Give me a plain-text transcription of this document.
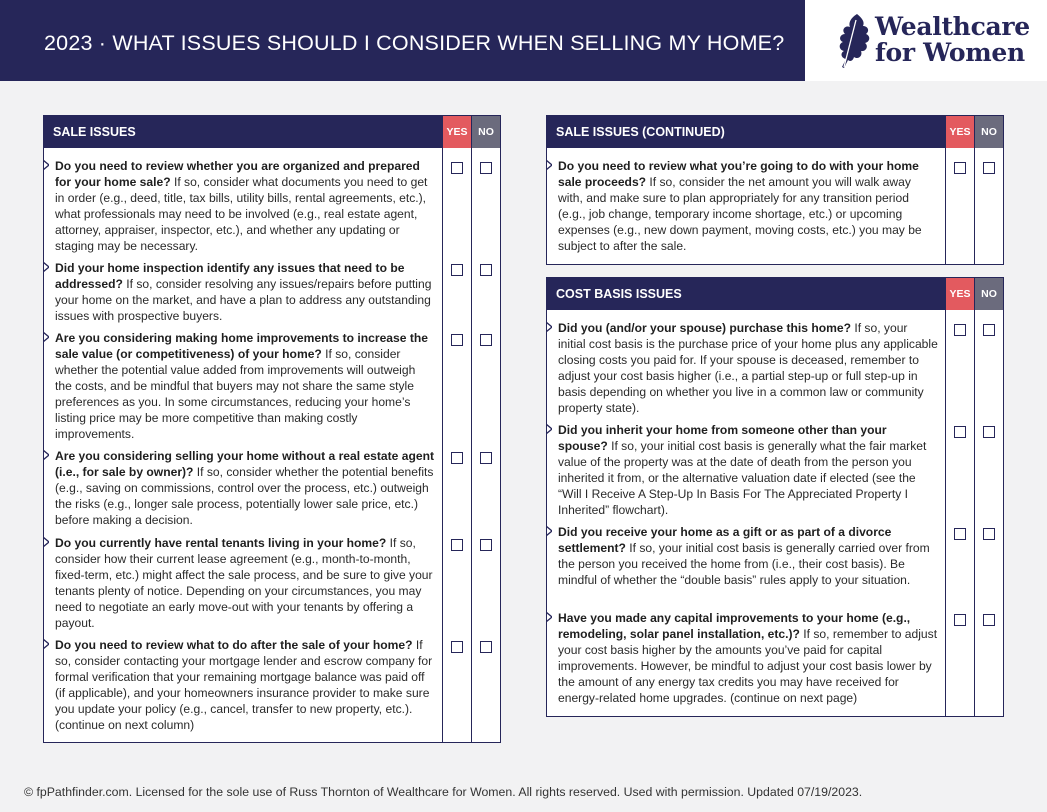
2023 · WHAT ISSUES SHOULD I CONSIDER WHEN SELLING MY HOME?
Wealthcare
for Women
SALE ISSUES	YES	NO
Do you need to review whether you are organized and prepared for your home sale? If so, consider what documents you need to get in order (e.g., deed, title, tax bills, utility bills, rental agreements, etc.), what professionals may need to be involved (e.g., real estate agent, attorney, appraiser, inspector, etc.), and whether any updating or staging may be necessary.
Did your home inspection identify any issues that need to be addressed? If so, consider resolving any issues/repairs before putting your home on the market, and have a plan to address any outstanding issues with prospective buyers.
Are you considering making home improvements to increase the sale value (or competitiveness) of your home? If so, consider whether the potential value added from improvements will outweigh the costs, and be mindful that buyers may not share the same style preferences as you. In some circumstances, reducing your home’s listing price may be more competitive than making costly improvements.
Are you considering selling your home without a real estate agent (i.e., for sale by owner)? If so, consider whether the potential benefits (e.g., saving on commissions, control over the process, etc.) outweigh the risks (e.g., longer sale process, potentially lower sale price, etc.) before making a decision.
Do you currently have rental tenants living in your home? If so, consider how their current lease agreement (e.g., month-to-month, fixed-term, etc.) might affect the sale process, and be sure to give your tenants plenty of notice. Depending on your circumstances, you may need to negotiate an early move-out with your tenants by offering a payout.
Do you need to review what to do after the sale of your home? If so, consider contacting your mortgage lender and escrow company for formal verification that your remaining mortgage balance was paid off (if applicable), and your homeowners insurance provider to make sure you update your policy (e.g., cancel, transfer to new property, etc.). (continue on next column)
SALE ISSUES (CONTINUED)	YES	NO
Do you need to review what you’re going to do with your home sale proceeds? If so, consider the net amount you will walk away with, and make sure to plan appropriately for any transition period (e.g., job change, temporary income shortage, etc.) or upcoming expenses (e.g., new down payment, moving costs, etc.) you may be subject to after the sale.
COST BASIS ISSUES	YES	NO
Did you (and/or your spouse) purchase this home? If so, your initial cost basis is the purchase price of your home plus any applicable closing costs you paid for. If your spouse is deceased, remember to adjust your cost basis higher (i.e., a partial step-up or full step-up in basis depending on whether you live in a common law or community property state).
Did you inherit your home from someone other than your spouse? If so, your initial cost basis is generally what the fair market value of the property was at the date of death from the person you inherited it from, or the alternative valuation date if elected (see the “Will I Receive A Step-Up In Basis For The Appreciated Property I Inherited” flowchart).
Did you receive your home as a gift or as part of a divorce settlement? If so, your initial cost basis is generally carried over from the person you received the home from (i.e., their cost basis). Be mindful of whether the “double basis” rules apply to your situation.
Have you made any capital improvements to your home (e.g., remodeling, solar panel installation, etc.)? If so, remember to adjust your cost basis higher by the amounts you’ve paid for capital improvements. However, be mindful to adjust your cost basis lower by the amount of any energy tax credits you may have received for energy-related home upgrades. (continue on next page)
© fpPathfinder.com. Licensed for the sole use of Russ Thornton of Wealthcare for Women. All rights reserved. Used with permission. Updated 07/19/2023.
